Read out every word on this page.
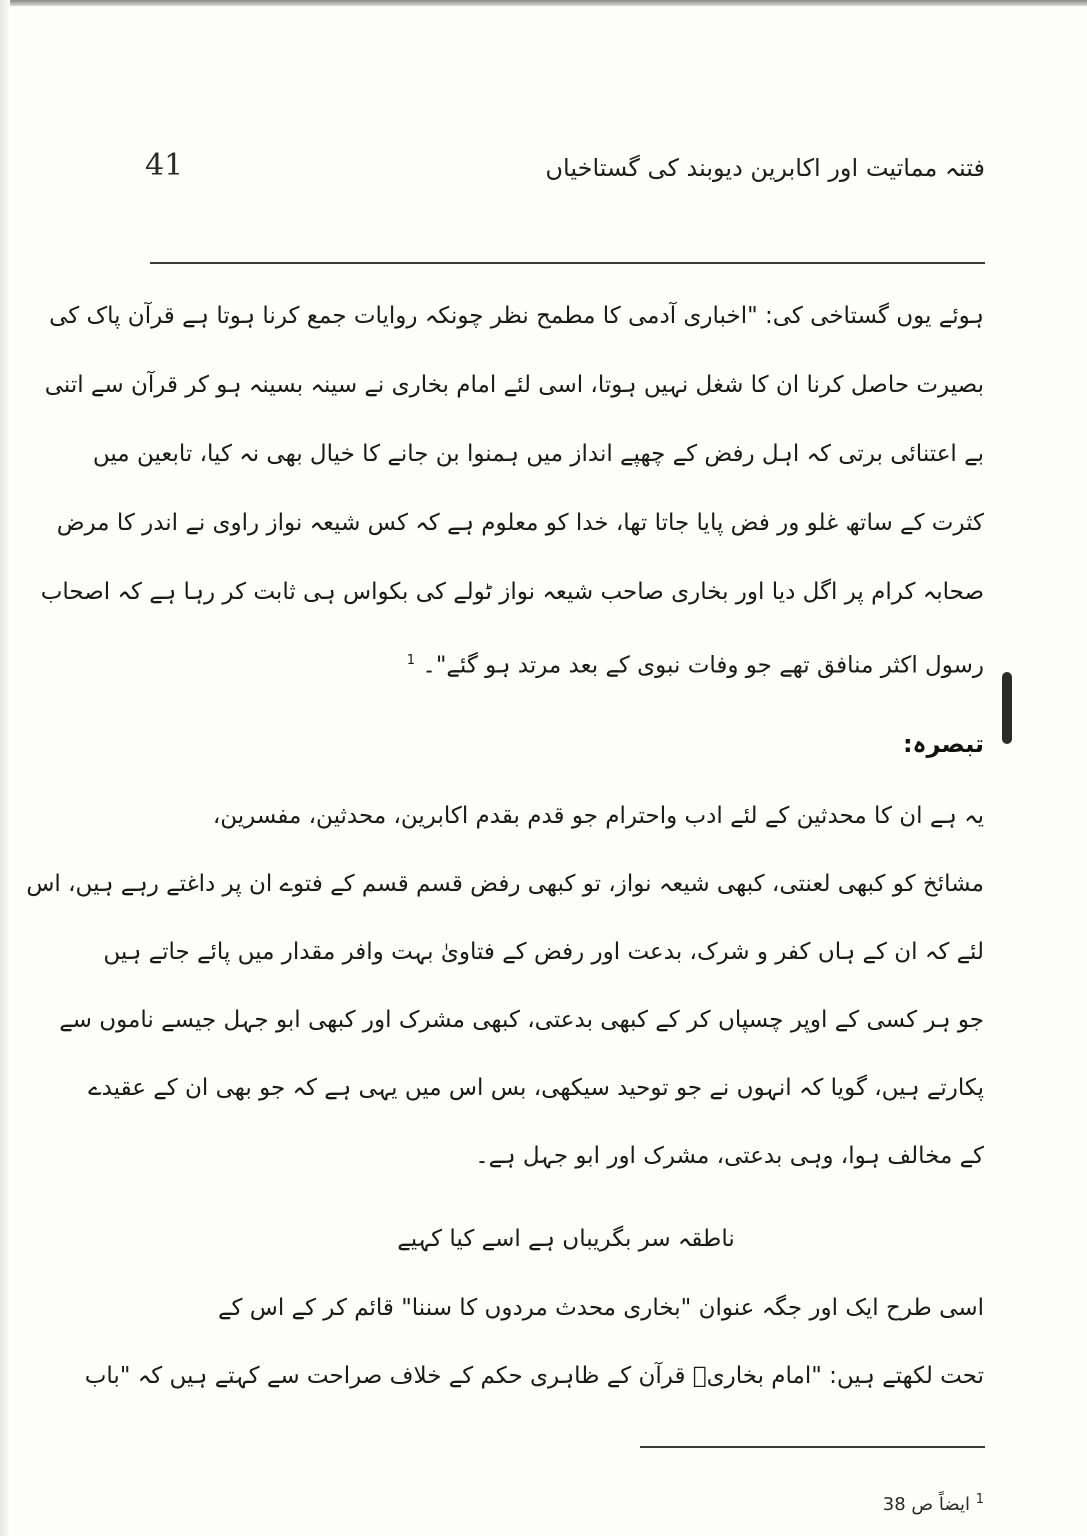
41	فتنہ مماتیت اور اکابرین دیوبند کی گستاخیاں
ہوئے یوں گستاخی کی: "اخباری آدمی کا مطمح نظر چونکہ روایات جمع کرنا ہوتا ہے قرآن پاک کی
بصیرت حاصل کرنا ان کا شغل نہیں ہوتا، اسی لئے امام بخاری نے سینہ بسینہ ہو کر قرآن سے اتنی
بے اعتنائی برتی کہ اہل رفض کے چھپے انداز میں ہمنوا بن جانے کا خیال بھی نہ کیا، تابعین میں
کثرت کے ساتھ غلو ور فض پایا جاتا تھا، خدا کو معلوم ہے کہ کس شیعہ نواز راوی نے اندر کا مرض
صحابہ کرام پر اگل دیا اور بخاری صاحب شیعہ نواز ٹولے کی بکواس ہی ثابت کر رہا ہے کہ اصحاب
رسول اکثر منافق تھے جو وفات نبوی کے بعد مرتد ہو گئے"۔ $^1$
تبصرہ:
یہ ہے ان کا محدثین کے لئے ادب واحترام جو قدم بقدم اکابرین، محدثین، مفسرین،
مشائخ کو کبھی لعنتی، کبھی شیعہ نواز، تو کبھی رفض قسم قسم کے فتوے ان پر داغتے رہے ہیں، اس
لئے کہ ان کے ہاں کفر و شرک، بدعت اور رفض کے فتاویٰ بہت وافر مقدار میں پائے جاتے ہیں
جو ہر کسی کے اوپر چسپاں کر کے کبھی بدعتی، کبھی مشرک اور کبھی ابو جہل جیسے ناموں سے
پکارتے ہیں، گویا کہ انہوں نے جو توحید سیکھی، بس اس میں یہی ہے کہ جو بھی ان کے عقیدے
کے مخالف ہوا، وہی بدعتی، مشرک اور ابو جہل ہے۔
ناطقہ سر بگریباں ہے اسے کیا کہیے
اسی طرح ایک اور جگہ عنوان "بخاری محدث مردوں کا سننا" قائم کر کے اس کے
تحت لکھتے ہیں: "امام بخاریؒ قرآن کے ظاہری حکم کے خلاف صراحت سے کہتے ہیں کہ "باب
$^1$ ایضاً ص 38
